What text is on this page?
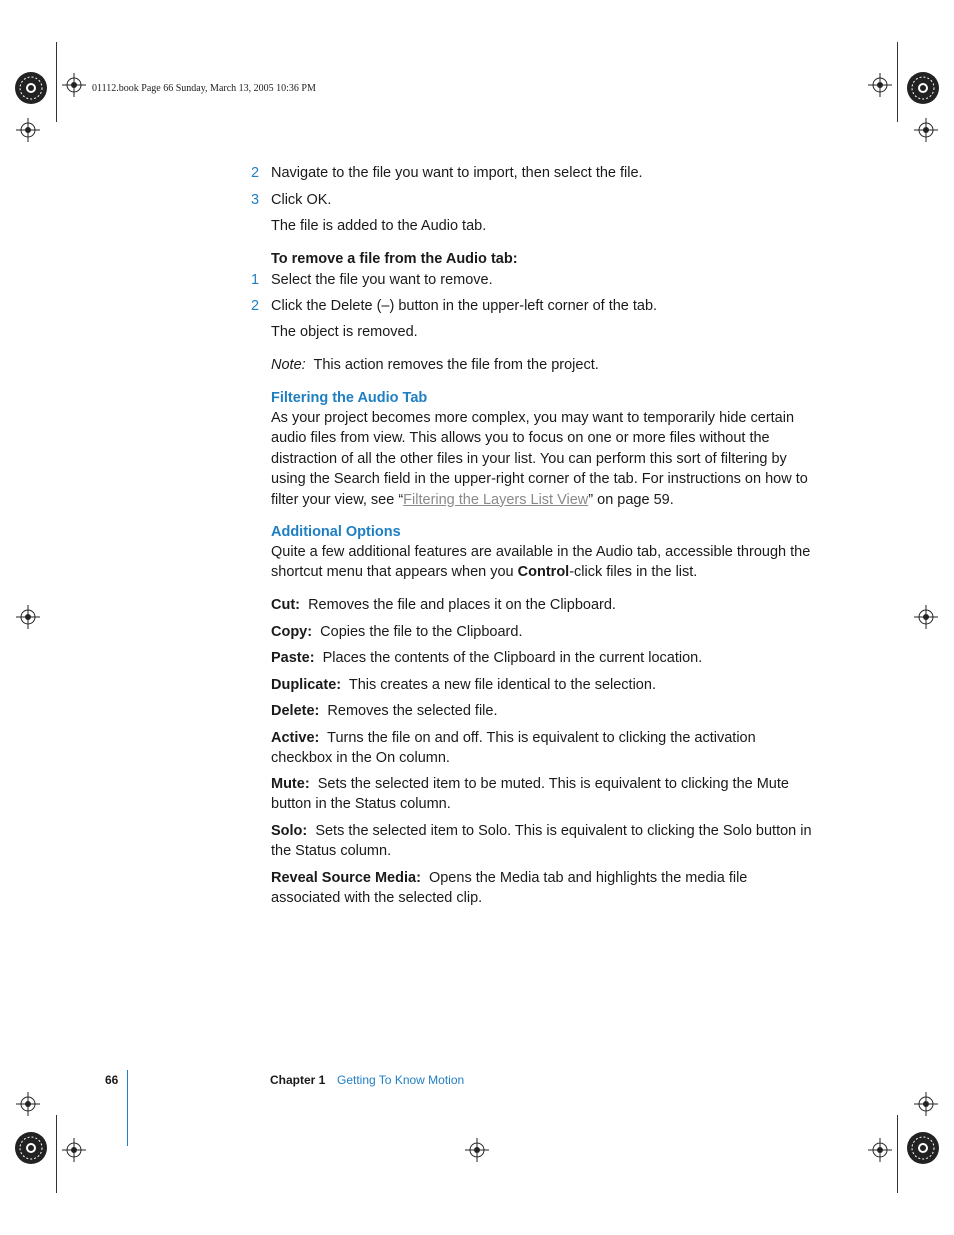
01112.book Page 66 Sunday, March 13, 2005 10:36 PM
2 Navigate to the file you want to import, then select the file.
3 Click OK.
The file is added to the Audio tab.
To remove a file from the Audio tab:
1 Select the file you want to remove.
2 Click the Delete (–) button in the upper-left corner of the tab.
The object is removed.
Note: This action removes the file from the project.
Filtering the Audio Tab
As your project becomes more complex, you may want to temporarily hide certain audio files from view. This allows you to focus on one or more files without the distraction of all the other files in your list. You can perform this sort of filtering by using the Search field in the upper-right corner of the tab. For instructions on how to filter your view, see “Filtering the Layers List View” on page 59.
Additional Options
Quite a few additional features are available in the Audio tab, accessible through the shortcut menu that appears when you Control-click files in the list.
Cut: Removes the file and places it on the Clipboard.
Copy: Copies the file to the Clipboard.
Paste: Places the contents of the Clipboard in the current location.
Duplicate: This creates a new file identical to the selection.
Delete: Removes the selected file.
Active: Turns the file on and off. This is equivalent to clicking the activation checkbox in the On column.
Mute: Sets the selected item to be muted. This is equivalent to clicking the Mute button in the Status column.
Solo: Sets the selected item to Solo. This is equivalent to clicking the Solo button in the Status column.
Reveal Source Media: Opens the Media tab and highlights the media file associated with the selected clip.
66	Chapter 1 Getting To Know Motion
